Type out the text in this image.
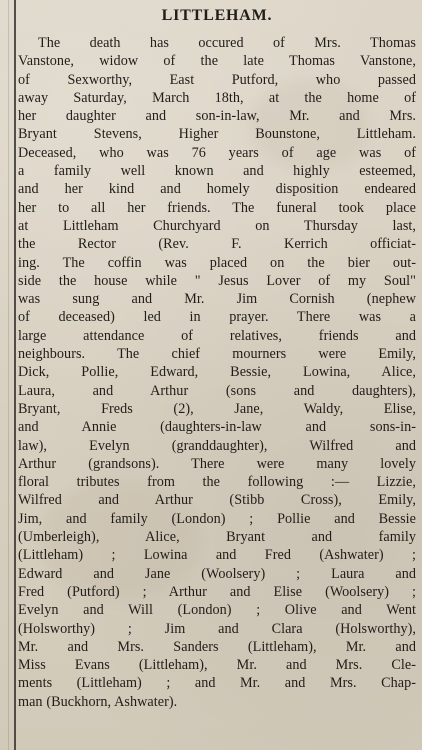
LITTLEHAM.
The death has occured of Mrs. Thomas
Vanstone, widow of the late Thomas Vanstone,
of Sexworthy, East Putford, who passed
away Saturday, March 18th, at the home of
her daughter and son-in-law, Mr. and Mrs.
Bryant Stevens, Higher Bounstone, Littleham.
Deceased, who was 76 years of age was of
a family well known and highly esteemed,
and her kind and homely disposition endeared
her to all her friends. The funeral took place
at Littleham Churchyard on Thursday last,
the Rector (Rev. F. Kerrich officiat-
ing. The coffin was placed on the bier out-
side the house while " Jesus Lover of my Soul"
was sung and Mr. Jim Cornish (nephew
of deceased) led in prayer. There was a
large attendance of relatives, friends and
neighbours. The chief mourners were Emily,
Dick, Pollie, Edward, Bessie, Lowina, Alice,
Laura, and Arthur (sons and daughters),
Bryant, Freds (2), Jane, Waldy, Elise,
and Annie (daughters-in-law and sons-in-
law), Evelyn (granddaughter), Wilfred and
Arthur (grandsons). There were many lovely
floral tributes from the following :— Lizzie,
Wilfred and Arthur (Stibb Cross), Emily,
Jim, and family (London) ; Pollie and Bessie
(Umberleigh), Alice, Bryant and family
(Littleham) ; Lowina and Fred (Ashwater) ;
Edward and Jane (Woolsery) ; Laura and
Fred (Putford) ; Arthur and Elise (Woolsery) ;
Evelyn and Will (London) ; Olive and Went
(Holsworthy) ; Jim and Clara (Holsworthy),
Mr. and Mrs. Sanders (Littleham), Mr. and
Miss Evans (Littleham), Mr. and Mrs. Cle-
ments (Littleham) ; and Mr. and Mrs. Chap-
man (Buckhorn, Ashwater).
